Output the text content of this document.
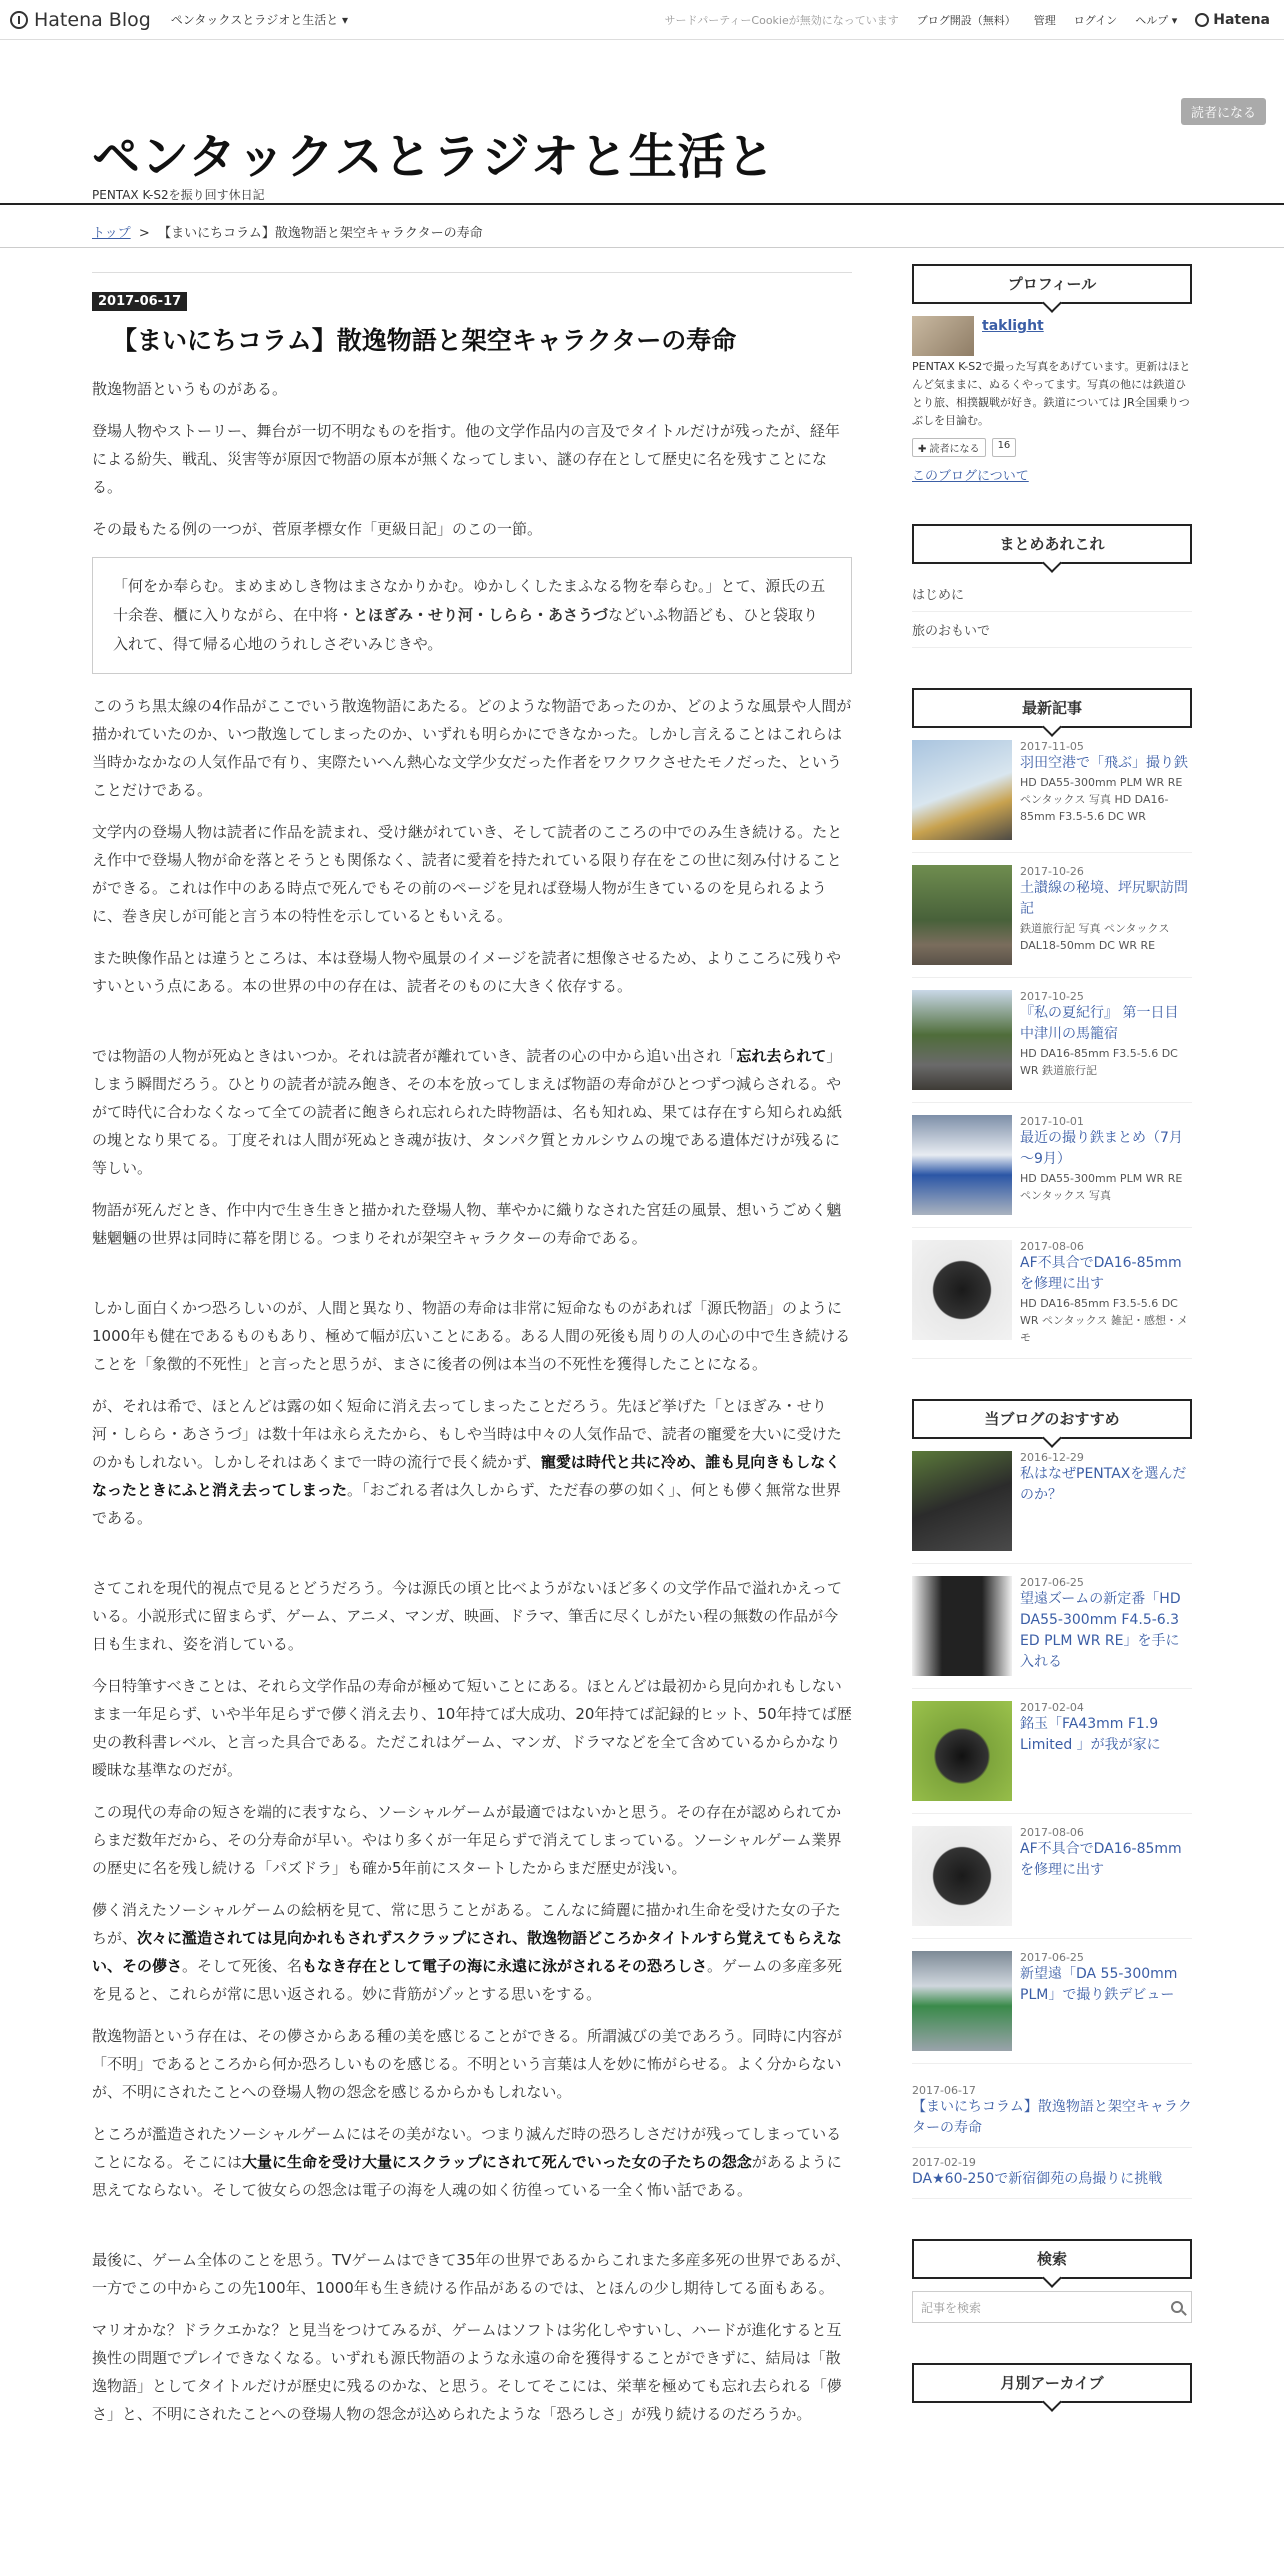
Hatena Blog ペンタックスとラジオと生活と ▾	サードパーティーCookieが無効になっています ブログ開設（無料） 管理 ログイン ヘルプ ▾	Hatena
読者になる
ペンタックスとラジオと生活と
PENTAX K-S2を振り回す休日記
トップ > 【まいにちコラム】散逸物語と架空キャラクターの寿命
2017-06-17
【まいにちコラム】散逸物語と架空キャラクターの寿命

散逸物語というものがある。

登場人物やストーリー、舞台が一切不明なものを指す。他の文学作品内の言及でタイトルだけが残ったが、経年による紛失、戦乱、災害等が原因で物語の原本が無くなってしまい、謎の存在として歴史に名を残すことになる。

その最もたる例の一つが、菅原孝標女作「更級日記」のこの一節。

「何をか奉らむ。まめまめしき物はまさなかりかむ。ゆかしくしたまふなる物を奉らむ。」とて、源氏の五十余巻、櫃に入りながら、在中将・とほぎみ・せり河・しらら・あさうづなどいふ物語ども、ひと袋取り入れて、得て帰る心地のうれしさぞいみじきや。

このうち黒太線の4作品がここでいう散逸物語にあたる。どのような物語であったのか、どのような風景や人間が描かれていたのか、いつ散逸してしまったのか、いずれも明らかにできなかった。しかし言えることはこれらは当時かなかなの人気作品で有り、実際たいへん熱心な文学少女だった作者をワクワクさせたモノだった、ということだけである。

文学内の登場人物は読者に作品を読まれ、受け継がれていき、そして読者のこころの中でのみ生き続ける。たとえ作中で登場人物が命を落とそうとも関係なく、読者に愛着を持たれている限り存在をこの世に刻み付けることができる。これは作中のある時点で死んでもその前のページを見れば登場人物が生きているのを見られるように、巻き戻しが可能と言う本の特性を示しているともいえる。

また映像作品とは違うところは、本は登場人物や風景のイメージを読者に想像させるため、よりこころに残りやすいという点にある。本の世界の中の存在は、読者そのものに大きく依存する。

では物語の人物が死ぬときはいつか。それは読者が離れていき、読者の心の中から追い出され「忘れ去られて」しまう瞬間だろう。ひとりの読者が読み飽き、その本を放ってしまえば物語の寿命がひとつずつ減らされる。やがて時代に合わなくなって全ての読者に飽きられ忘れられた時物語は、名も知れぬ、果ては存在すら知られぬ紙の塊となり果てる。丁度それは人間が死ぬとき魂が抜け、タンパク質とカルシウムの塊である遺体だけが残るに等しい。

物語が死んだとき、作中内で生き生きと描かれた登場人物、華やかに織りなされた宮廷の風景、想いうごめく魑魅魍魎の世界は同時に幕を閉じる。つまりそれが架空キャラクターの寿命である。

しかし面白くかつ恐ろしいのが、人間と異なり、物語の寿命は非常に短命なものがあれば「源氏物語」のように1000年も健在であるものもあり、極めて幅が広いことにある。ある人間の死後も周りの人の心の中で生き続けることを「象徴的不死性」と言ったと思うが、まさに後者の例は本当の不死性を獲得したことになる。

が、それは希で、ほとんどは露の如く短命に消え去ってしまったことだろう。先ほど挙げた「とほぎみ・せり河・しらら・あさうづ」は数十年は永らえたから、もしや当時は中々の人気作品で、読者の寵愛を大いに受けたのかもしれない。しかしそれはあくまで一時の流行で長く続かず、寵愛は時代と共に冷め、誰も見向きもしなくなったときにふと消え去ってしまった。「おごれる者は久しからず、ただ春の夢の如く」、何とも儚く無常な世界である。

さてこれを現代的視点で見るとどうだろう。今は源氏の頃と比べようがないほど多くの文学作品で溢れかえっている。小説形式に留まらず、ゲーム、アニメ、マンガ、映画、ドラマ、筆舌に尽くしがたい程の無数の作品が今日も生まれ、姿を消している。

今日特筆すべきことは、それら文学作品の寿命が極めて短いことにある。ほとんどは最初から見向かれもしないまま一年足らず、いや半年足らずで儚く消え去り、10年持てば大成功、20年持てば記録的ヒット、50年持てば歴史の教科書レベル、と言った具合である。ただこれはゲーム、マンガ、ドラマなどを全て含めているからかなり曖昧な基準なのだが。

この現代の寿命の短さを端的に表すなら、ソーシャルゲームが最適ではないかと思う。その存在が認められてからまだ数年だから、その分寿命が早い。やはり多くが一年足らずで消えてしまっている。ソーシャルゲーム業界の歴史に名を残し続ける「パズドラ」も確か5年前にスタートしたからまだ歴史が浅い。

儚く消えたソーシャルゲームの絵柄を見て、常に思うことがある。こんなに綺麗に描かれ生命を受けた女の子たちが、次々に濫造されては見向かれもされずスクラップにされ、散逸物語どころかタイトルすら覚えてもらえない、その儚さ。そして死後、名もなき存在として電子の海に永遠に泳がされるその恐ろしさ。ゲームの多産多死を見ると、これらが常に思い返される。妙に背筋がゾッとする思いをする。

散逸物語という存在は、その儚さからある種の美を感じることができる。所謂滅びの美であろう。同時に内容が「不明」であるところから何か恐ろしいものを感じる。不明という言葉は人を妙に怖がらせる。よく分からないが、不明にされたことへの登場人物の怨念を感じるからかもしれない。

ところが濫造されたソーシャルゲームにはその美がない。つまり滅んだ時の恐ろしさだけが残ってしまっていることになる。そこには大量に生命を受け大量にスクラップにされて死んでいった女の子たちの怨念があるように思えてならない。そして彼女らの怨念は電子の海を人魂の如く彷徨っている一全く怖い話である。

最後に、ゲーム全体のことを思う。TVゲームはできて35年の世界であるからこれまた多産多死の世界であるが、一方でこの中からこの先100年、1000年も生き続ける作品があるのでは、とほんの少し期待してる面もある。

マリオかな？ドラクエかな？と見当をつけてみるが、ゲームはソフトは劣化しやすいし、ハードが進化すると互換性の問題でプレイできなくなる。いずれも源氏物語のような永遠の命を獲得することができずに、結局は「散逸物語」としてタイトルだけが歴史に残るのかな、と思う。そしてそこには、栄華を極めても忘れ去られる「儚さ」と、不明にされたことへの登場人物の怨念が込められたような「恐ろしさ」が残り続けるのだろうか。

プロフィール
taklight
PENTAX K-S2で撮った写真をあげています。更新はほとんど気ままに、ぬるくやってます。写真の他には鉄道ひとり旅、相撲観戦が好き。鉄道については JR全国乗りつぶしを目論む。
✚ 読者になる	16
このブログについて
まとめあれこれ
はじめに
旅のおもいで
最新記事
2017-11-05
羽田空港で「飛ぶ」撮り鉄
HD DA55-300mm PLM WR RE ペンタックス 写真 HD DA16-85mm F3.5-5.6 DC WR
2017-10-26
土讃線の秘境、坪尻駅訪問記
鉄道旅行記 写真 ペンタックス DAL18-50mm DC WR RE
2017-10-25
『私の夏紀行』 第一日目 中津川の馬籠宿
HD DA16-85mm F3.5-5.6 DC WR 鉄道旅行記
2017-10-01
最近の撮り鉄まとめ（7月～9月）
HD DA55-300mm PLM WR RE ペンタックス 写真
2017-08-06
AF不具合でDA16-85mmを修理に出す
HD DA16-85mm F3.5-5.6 DC WR ペンタックス 雑記・感想・メモ
当ブログのおすすめ
2016-12-29
私はなぜPENTAXを選んだのか？
2017-06-25
望遠ズームの新定番「HD DA55-300mm F4.5-6.3 ED PLM WR RE」を手に入れる
2017-02-04
銘玉「FA43mm F1.9 Limited 」が我が家に
2017-08-06
AF不具合でDA16-85mmを修理に出す
2017-06-25
新望遠「DA 55-300mm PLM」で撮り鉄デビュー
2017-06-17
【まいにちコラム】散逸物語と架空キャラクターの寿命
2017-02-19
DA★60-250で新宿御苑の鳥撮りに挑戦
検索
記事を検索
月別アーカイブ
